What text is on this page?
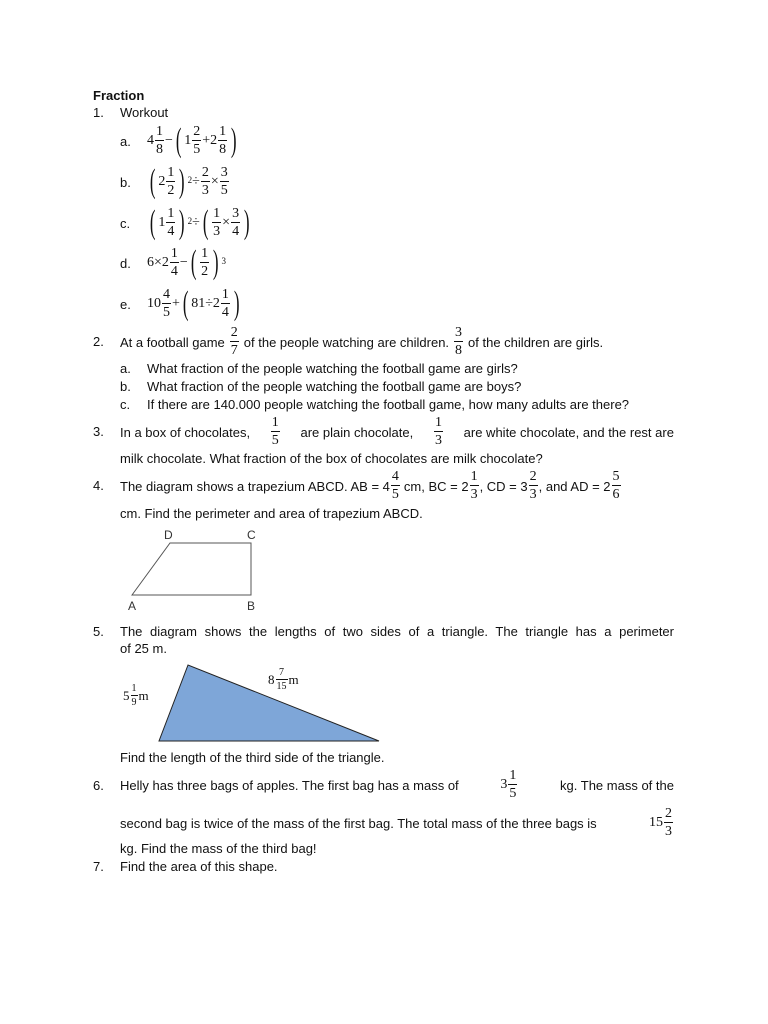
Fraction
1. Workout
a. 4
1
8
− ( 1
2
5
+2
1
8 )
b. ( 2
1
2 ) $2 \div \frac{2}{3} \times \frac{3}{5}$
c. ( 1
1
4 ) 2 ÷ ( $\frac{1}{3} \times \frac{3}{4}$ )
d. 6×2
1
4
− ( 1
2 ) 3
e. 10
4
5
+ ( 81÷2
1
4 )
2. At a football game
2
7
of the people watching are children.
3
8
of the children are girls.
a. What fraction of the people watching the football game are girls?
b. What fraction of the people watching the football game are boys?
c. If there are 140.000 people watching the football game, how many adults are there?
3. In a box of chocolates,
1
5
are plain chocolate,
1
3
are white chocolate, and the rest are
milk chocolate. What fraction of the box of chocolates are milk chocolate?
4. The diagram shows a trapezium ABCD. AB = 4
4
5
cm, BC = 2
1
3
, CD = 3
2
3
, and AD = 2
5
6
cm. Find the perimeter and area of trapezium ABCD.
D	C
A	B
5. The diagram shows the lengths of two sides of a triangle. The triangle has a perimeter
of 25 m.
5 1
9 m
8 7
15 m
Find the length of the third side of the triangle.
6. Helly has three bags of apples. The first bag has a mass of	3
1
5
kg. The mass of the
second bag is twice of the mass of the first bag. The total mass of the three bags is	15
2
3
kg. Find the mass of the third bag!
7. Find the area of this shape.
